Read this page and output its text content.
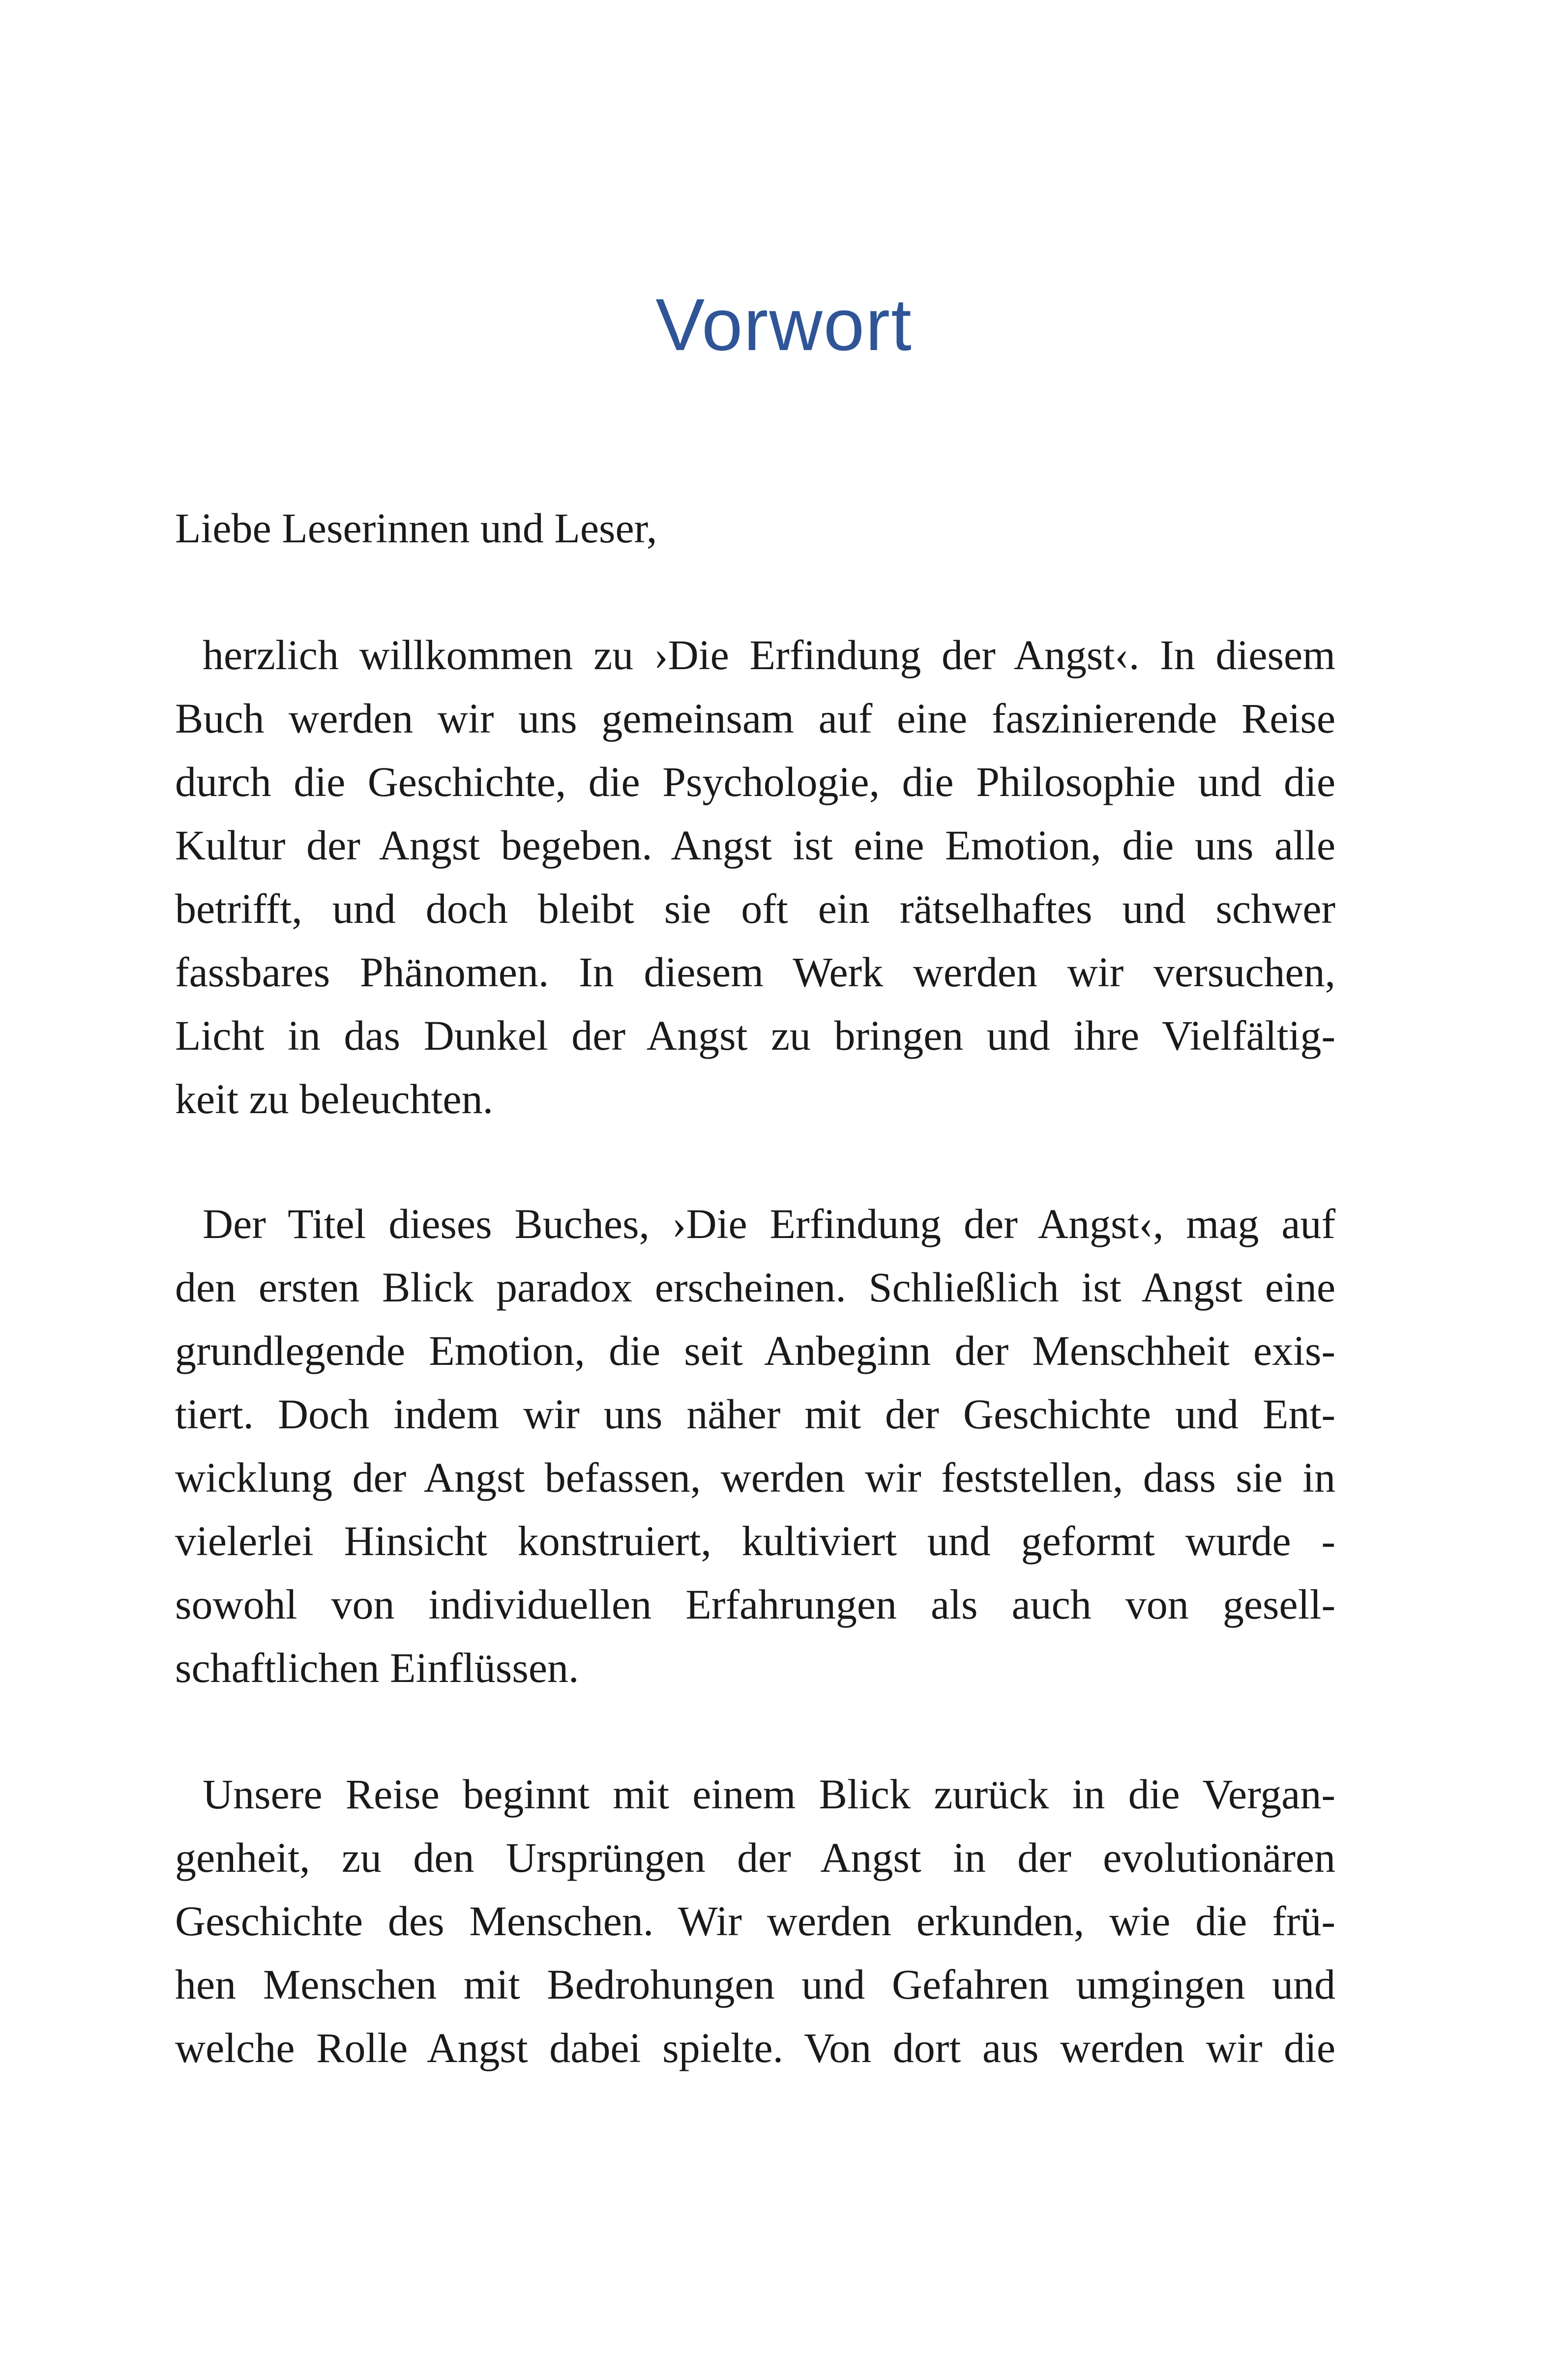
Vorwort
Liebe Leserinnen und Leser,
herzlich willkommen zu ›Die Erfindung der Angst‹. In diesem
Buch werden wir uns gemeinsam auf eine faszinierende Reise
durch die Geschichte, die Psychologie, die Philosophie und die
Kultur der Angst begeben. Angst ist eine Emotion, die uns alle
betrifft, und doch bleibt sie oft ein rätselhaftes und schwer
fassbares Phänomen. In diesem Werk werden wir versuchen,
Licht in das Dunkel der Angst zu bringen und ihre Vielfältig-
keit zu beleuchten.
Der Titel dieses Buches, ›Die Erfindung der Angst‹, mag auf
den ersten Blick paradox erscheinen. Schließlich ist Angst eine
grundlegende Emotion, die seit Anbeginn der Menschheit exis-
tiert. Doch indem wir uns näher mit der Geschichte und Ent-
wicklung der Angst befassen, werden wir feststellen, dass sie in
vielerlei Hinsicht konstruiert, kultiviert und geformt wurde -
sowohl von individuellen Erfahrungen als auch von gesell-
schaftlichen Einflüssen.
Unsere Reise beginnt mit einem Blick zurück in die Vergan-
genheit, zu den Ursprüngen der Angst in der evolutionären
Geschichte des Menschen. Wir werden erkunden, wie die frü-
hen Menschen mit Bedrohungen und Gefahren umgingen und
welche Rolle Angst dabei spielte. Von dort aus werden wir die
